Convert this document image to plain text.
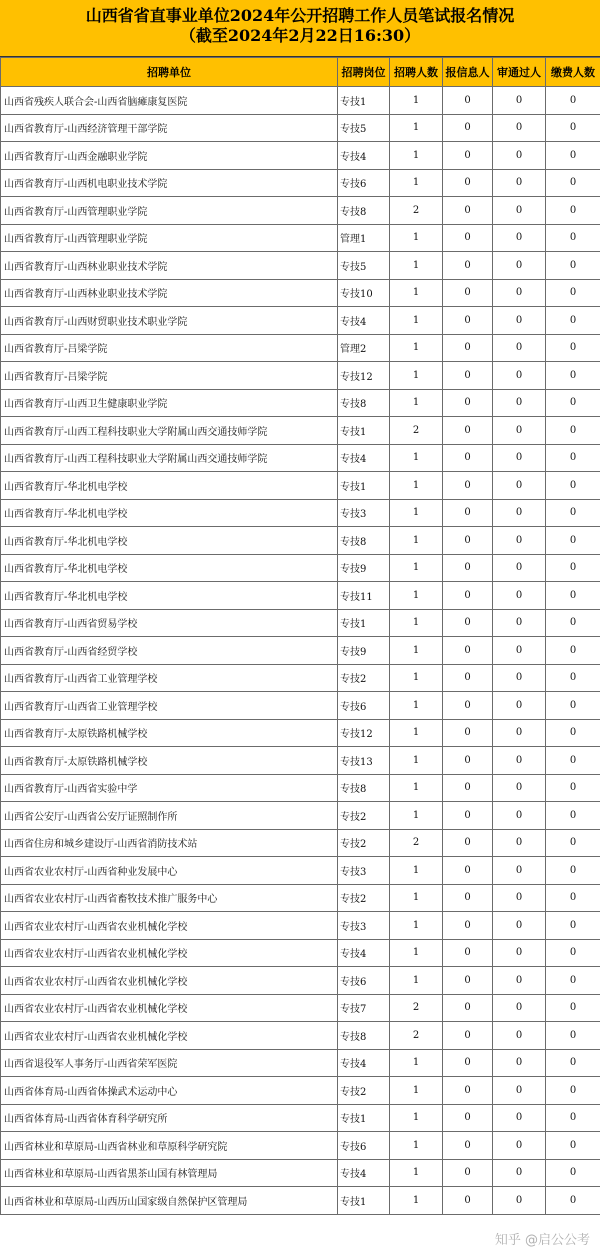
山西省省直事业单位2024年公开招聘工作人员笔试报名情况
（截至2024年2月22日16:30）
招聘单位	招聘岗位	招聘人数	报信息人	审通过人	缴费人数
山西省残疾人联合会-山西省脑瘫康复医院	专技1	1	0	0	0
山西省教育厅-山西经济管理干部学院	专技5	1	0	0	0
山西省教育厅-山西金融职业学院	专技4	1	0	0	0
山西省教育厅-山西机电职业技术学院	专技6	1	0	0	0
山西省教育厅-山西管理职业学院	专技8	2	0	0	0
山西省教育厅-山西管理职业学院	管理1	1	0	0	0
山西省教育厅-山西林业职业技术学院	专技5	1	0	0	0
山西省教育厅-山西林业职业技术学院	专技10	1	0	0	0
山西省教育厅-山西财贸职业技术职业学院	专技4	1	0	0	0
山西省教育厅-吕梁学院	管理2	1	0	0	0
山西省教育厅-吕梁学院	专技12	1	0	0	0
山西省教育厅-山西卫生健康职业学院	专技8	1	0	0	0
山西省教育厅-山西工程科技职业大学附属山西交通技师学院	专技1	2	0	0	0
山西省教育厅-山西工程科技职业大学附属山西交通技师学院	专技4	1	0	0	0
山西省教育厅-华北机电学校	专技1	1	0	0	0
山西省教育厅-华北机电学校	专技3	1	0	0	0
山西省教育厅-华北机电学校	专技8	1	0	0	0
山西省教育厅-华北机电学校	专技9	1	0	0	0
山西省教育厅-华北机电学校	专技11	1	0	0	0
山西省教育厅-山西省贸易学校	专技1	1	0	0	0
山西省教育厅-山西省经贸学校	专技9	1	0	0	0
山西省教育厅-山西省工业管理学校	专技2	1	0	0	0
山西省教育厅-山西省工业管理学校	专技6	1	0	0	0
山西省教育厅-太原铁路机械学校	专技12	1	0	0	0
山西省教育厅-太原铁路机械学校	专技13	1	0	0	0
山西省教育厅-山西省实验中学	专技8	1	0	0	0
山西省公安厅-山西省公安厅证照制作所	专技2	1	0	0	0
山西省住房和城乡建设厅-山西省消防技术站	专技2	2	0	0	0
山西省农业农村厅-山西省种业发展中心	专技3	1	0	0	0
山西省农业农村厅-山西省畜牧技术推广服务中心	专技2	1	0	0	0
山西省农业农村厅-山西省农业机械化学校	专技3	1	0	0	0
山西省农业农村厅-山西省农业机械化学校	专技4	1	0	0	0
山西省农业农村厅-山西省农业机械化学校	专技6	1	0	0	0
山西省农业农村厅-山西省农业机械化学校	专技7	2	0	0	0
山西省农业农村厅-山西省农业机械化学校	专技8	2	0	0	0
山西省退役军人事务厅-山西省荣军医院	专技4	1	0	0	0
山西省体育局-山西省体操武术运动中心	专技2	1	0	0	0
山西省体育局-山西省体育科学研究所	专技1	1	0	0	0
山西省林业和草原局-山西省林业和草原科学研究院	专技6	1	0	0	0
山西省林业和草原局-山西省黑茶山国有林管理局	专技4	1	0	0	0
山西省林业和草原局-山西历山国家级自然保护区管理局	专技1	1	0	0	0
知乎 @启公公考
